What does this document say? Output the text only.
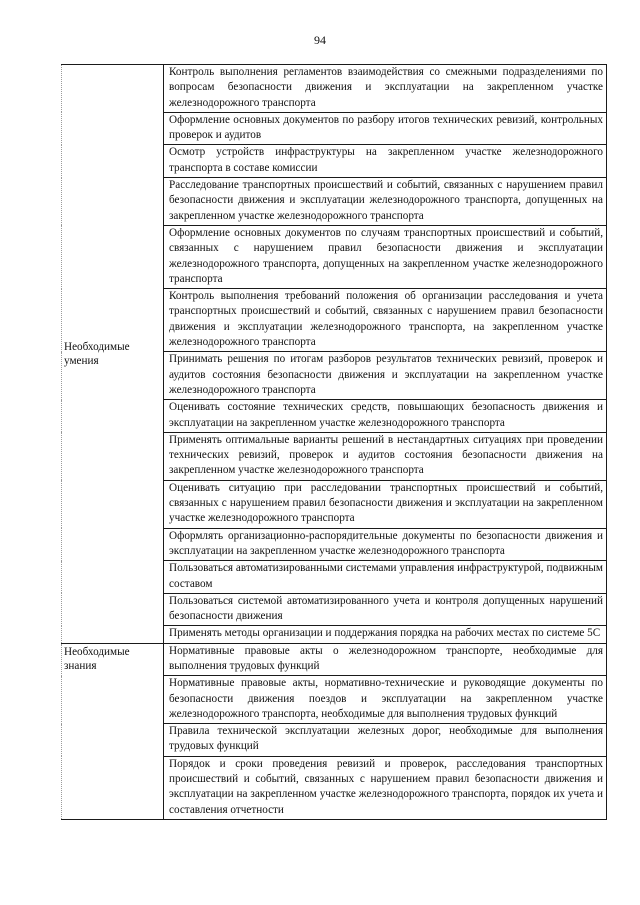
94
Необходимые умения	Контроль выполнения регламентов взаимодействия со смежными подразделениями по вопросам безопасности движения и эксплуатации на закрепленном участке железнодорожного транспорта
	Оформление основных документов по разбору итогов технических ревизий, контрольных проверок и аудитов
	Осмотр устройств инфраструктуры на закрепленном участке железнодорожного транспорта в составе комиссии
	Расследование транспортных происшествий и событий, связанных с нарушением правил безопасности движения и эксплуатации железнодорожного транспорта, допущенных на закрепленном участке железнодорожного транспорта
	Оформление основных документов по случаям транспортных происшествий и событий, связанных с нарушением правил безопасности движения и эксплуатации железнодорожного транспорта, допущенных на закрепленном участке железнодорожного транспорта
	Контроль выполнения требований положения об организации расследования и учета транспортных происшествий и событий, связанных с нарушением правил безопасности движения и эксплуатации железнодорожного транспорта, на закрепленном участке железнодорожного транспорта
	Принимать решения по итогам разборов результатов технических ревизий, проверок и аудитов состояния безопасности движения и эксплуатации на закрепленном участке железнодорожного транспорта
	Оценивать состояние технических средств, повышающих безопасность движения и эксплуатации на закрепленном участке железнодорожного транспорта
	Применять оптимальные варианты решений в нестандартных ситуациях при проведении технических ревизий, проверок и аудитов состояния безопасности движения на закрепленном участке железнодорожного транспорта
	Оценивать ситуацию при расследовании транспортных происшествий и событий, связанных с нарушением правил безопасности движения и эксплуатации на закрепленном участке железнодорожного транспорта
	Оформлять организационно-распорядительные документы по безопасности движения и эксплуатации на закрепленном участке железнодорожного транспорта
	Пользоваться автоматизированными системами управления инфраструктурой, подвижным составом
	Пользоваться системой автоматизированного учета и контроля допущенных нарушений безопасности движения
	Применять методы организации и поддержания порядка на рабочих местах по системе 5С
Необходимые знания	Нормативные правовые акты о железнодорожном транспорте, необходимые для выполнения трудовых функций
	Нормативные правовые акты, нормативно-технические и руководящие документы по безопасности движения поездов и эксплуатации на закрепленном участке железнодорожного транспорта, необходимые для выполнения трудовых функций
	Правила технической эксплуатации железных дорог, необходимые для выполнения трудовых функций
	Порядок и сроки проведения ревизий и проверок, расследования транспортных происшествий и событий, связанных с нарушением правил безопасности движения и эксплуатации на закрепленном участке железнодорожного транспорта, порядок их учета и составления отчетности
